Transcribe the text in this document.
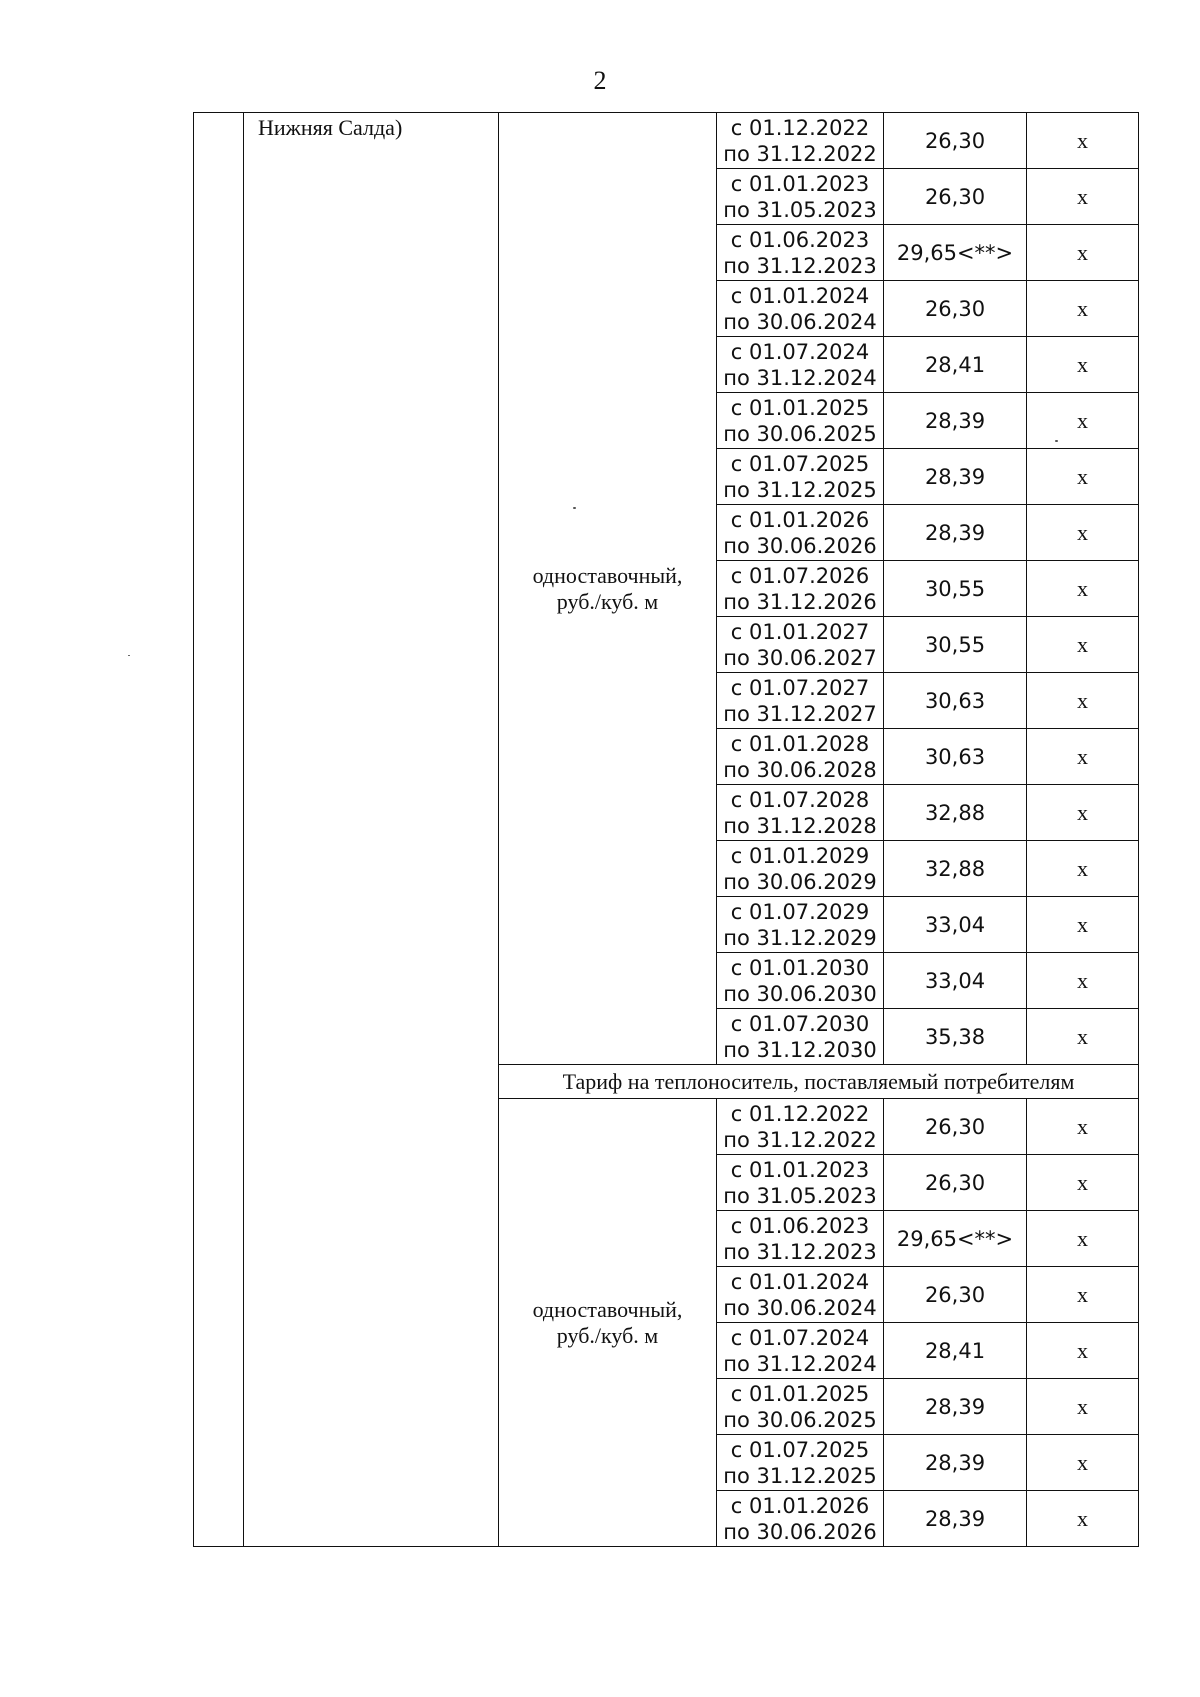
2
	Нижняя Салда)	одноставочный,
руб./куб. м	с 01.12.2022
по 31.12.2022	26,30	х

			с 01.01.2023
по 31.05.2023	26,30	х

			с 01.06.2023
по 31.12.2023	29,65<**>	х

			с 01.01.2024
по 30.06.2024	26,30	х

			с 01.07.2024
по 31.12.2024	28,41	х

			с 01.01.2025
по 30.06.2025	28,39	х

			с 01.07.2025
по 31.12.2025	28,39	х

			с 01.01.2026
по 30.06.2026	28,39	х

			с 01.07.2026
по 31.12.2026	30,55	х

			с 01.01.2027
по 30.06.2027	30,55	х

			с 01.07.2027
по 31.12.2027	30,63	х

			с 01.01.2028
по 30.06.2028	30,63	х

			с 01.07.2028
по 31.12.2028	32,88	х

			с 01.01.2029
по 30.06.2029	32,88	х

			с 01.07.2029
по 31.12.2029	33,04	х

			с 01.01.2030
по 30.06.2030	33,04	х

			с 01.07.2030
по 31.12.2030	35,38	х
		Тариф на теплоноситель, поставляемый потребителям			

		одноставочный,
руб./куб. м	с 01.12.2022
по 31.12.2022	26,30	х

			с 01.01.2023
по 31.05.2023	26,30	х

			с 01.06.2023
по 31.12.2023	29,65<**>	х

			с 01.01.2024
по 30.06.2024	26,30	х

			с 01.07.2024
по 31.12.2024	28,41	х

			с 01.01.2025
по 30.06.2025	28,39	х

			с 01.07.2025
по 31.12.2025	28,39	х

			с 01.01.2026
по 30.06.2026	28,39	х
